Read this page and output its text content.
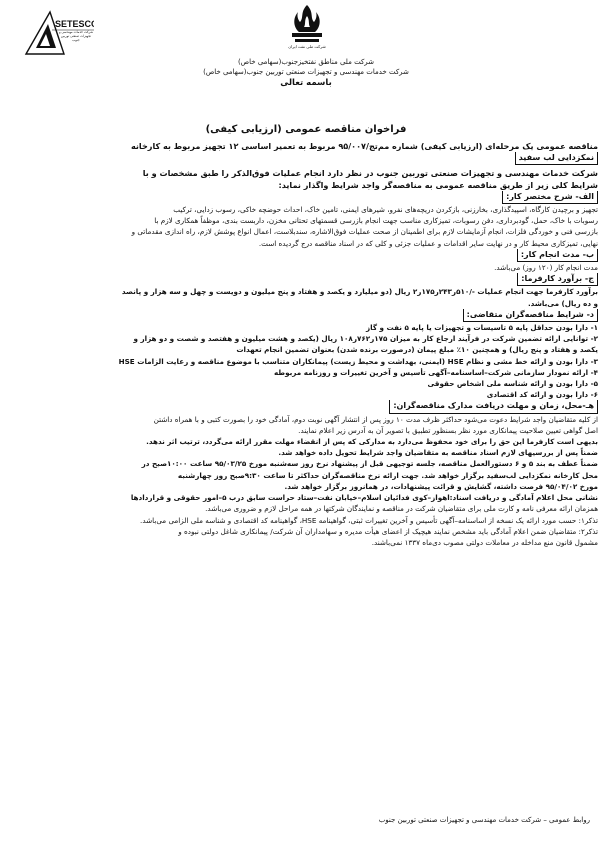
SETESCO
شرکت خدمات مهندسی و تجهیزات صنعتی توربین جنوب
شرکت ملی نفت ایران
شرکت ملی مناطق نفتخیزجنوب(سهامی خاص)
شرکت خدمات مهندسی و تجهیزات صنعتی توربین جنوب(سهامی خاص)
باسمه تعالی
فراخوان مناقصه عمومی (ارزیابی کیفی)

مناقصه عمومی یک مرحله‌ای (ارزیابی کیفی) شماره مم‌تج/۹۵/۰۰۷ مربوط به تعمیر اساسی ۱۲ تجهیز مربوط به کارخانه

نمکزدایی لب سفید

شرکت خدمات مهندسی و تجهیزات صنعتی توربین جنوب در نظر دارد انجام عملیات فوق‌الذکر را طبق مشخصات و با

شرایط کلی زیر از طریق مناقصه عمومی به مناقصه‌گر واجد شرایط واگذار نماید:

الف- شرح مختصر کار:

تجهیز و برچیدن کارگاه، اسپیدگذاری، بخارزنی، بازکردن دریچه‌های نفرو، شیرهای ایمنی، تامین خاک، احداث حوضچه خاکی، رسوب زدایی، ترکیب

رسوبات با خاک، حمل، گودبرداری، دفن رسوبات، تمیزکاری مناسب جهت انجام بازرسی قسمتهای تحتانی مخزن، داربست بندی، موظفاً همکاری لازم با

بازرسی فنی و خوردگی فلزات، انجام آزمایشات لازم برای اطمینان از صحت عملیات فوق‌الاشاره، سندبلاست، اعمال انواع پوشش لازم، راه اندازی مقدماتی و

نهایی، تمیزکاری محیط کار و در نهایت سایر اقدامات و عملیات جزئی و کلی که در اسناد مناقصه درج گردیده است.

ب- مدت انجام کار:

مدت انجام کار (۱۲۰ روز) می‌باشد.

ج- برآورد کارفرما:

برآورد کارفرما جهت انجام عملیات -/۵۱۰ر۲۴۳ر۱۷۵ر۲ ریال (دو میلیارد و یکصد و هفتاد و پنج میلیون و دویست و چهل و سه هزار و پانصد

و ده ریال) می‌باشد.

د- شرایط مناقصه‌گران متقاضی:

۱- دارا بودن حداقل پایه ۵ تاسیسات و تجهیزات یا پایه ۵ نفت و گاز

۲- توانایی ارائه تضمین شرکت در فرآیند ارجاع کار به میزان ۱۷۵ر۷۶۲ر۱۰۸ ریال (یکصد و هشت میلیون و هفتصد و شصت و دو هزار و

یکصد و هفتاد و پنج ریال) و همچنین ۱۰٪ مبلغ پیمان (درصورت برنده شدن) بعنوان تضمین انجام تعهدات

۳- دارا بودن و ارائه خط مشی و نظام HSE (ایمنی، بهداشت و محیط زیست) پیمانکاران متناسب با موضوع مناقصه و رعایت الزامات HSE

۴- ارائه نمودار سازمانی شرکت–اساسنامه–آگهی تأسیس و آخرین تغییرات و روزنامه مربوطه

۵- دارا بودن و ارائه شناسه ملی اشخاص حقوقی

۶- دارا بودن و ارائه کد اقتصادی

هـ-محل، زمان و مهلت دریافت مدارک مناقصه‌گران:

از کلیه متقاضیان واجد شرایط دعوت می‌شود حداکثر ظرف مدت ۱۰ روز پس از انتشار آگهی نوبت دوم، آمادگی خود را بصورت کتبی و با همراه داشتن

اصل گواهی تعیین صلاحیت پیمانکاری مورد نظر بسنظور تطبیق با تصویر آن به آدرس زیر اعلام نمایند.

بدیهی است کارفرما این حق را برای خود محفوظ می‌دارد به مدارکی که پس از انقضاء مهلت مقرر ارائه می‌گردد، ترتیب اثر ندهد.

ضمناً پس از بررسیهای لازم اسناد مناقصه به متقاضیان واجد شرایط تحویل داده خواهد شد.

ضمناً عطف به بند ۵ و ۶ دستورالعمل مناقصه، جلسه توجیهی قبل از پیشنهاد نرخ روز سه‌شنبه مورخ ۹۵/۰۳/۲۵ ساعت ۱۰:۰۰صبح در

محل کارخانه نمکزدایی لب‌سفید برگزار خواهد شد. جهت ارائه نرخ مناقصه‌گران حداکثر تا ساعت ۹:۳۰صبح روز چهارشنبه

مورخ ۹۵/۰۴/۰۲ فرصت داشته، گشایش و قرائت پیشنهادات، در همانروز برگزار خواهد شد.

نشانی محل اعلام آمادگی و دریافت اسناد:اهواز–کوی فدائیان اسلام–خیابان نفت–ستاد حراست سابق درب ۵–امور حقوقی و قراردادها

همزمان ارائه معرفی نامه و کارت ملی برای متقاضیان شرکت در مناقصه و نمایندگان شرکتها در همه مراحل لازم و ضروری می‌باشد.

تذکر۱: حسب مورد ارائه یک نسخه از اساسنامه–آگهی تأسیس و آخرین تغییرات ثبتی، گواهینامه HSE، گواهینامه کد اقتصادی و شناسه ملی الزامی می‌باشد.

تذکر۲: متقاضیان ضمن اعلام آمادگی باید مشخص نمایند هیچیک از اعضای هیأت مدیره و سهامداران آن شرکت/ پیمانکاری شاغل دولتی نبوده و

مشمول قانون منع مداخله در معاملات دولتی مصوب دی‌ماه ۱۳۳۷ نمی‌باشند.

روابط عمومی – شرکت خدمات مهندسی و تجهیزات صنعتی توربین جنوب
